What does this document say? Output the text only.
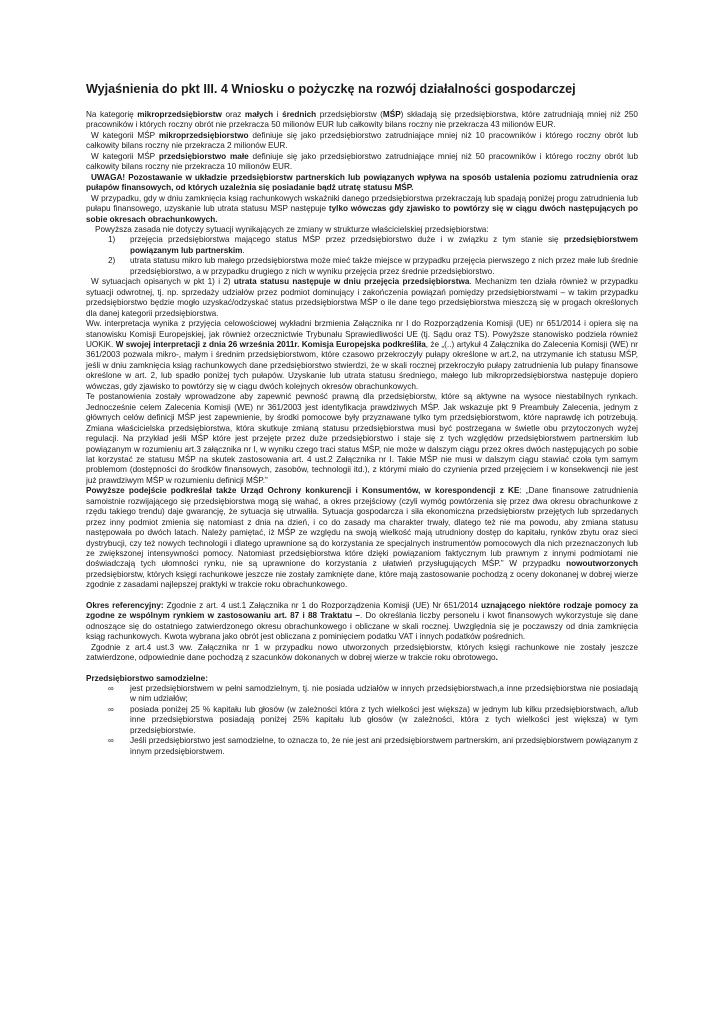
Wyjaśnienia do pkt III. 4 Wniosku o pożyczkę na rozwój działalności gospodarczej

Na kategorię mikroprzedsiębiorstw oraz małych i średnich przedsiębiorstw (MŚP) składają się przedsiębiorstwa, które zatrudniają mniej niż 250 pracowników i których roczny obrót nie przekracza 50 milionów EUR lub całkowity bilans roczny nie przekracza 43 milionów EUR.

W kategorii MŚP mikroprzedsiębiorstwo definiuje się jako przedsiębiorstwo zatrudniające mniej niż 10 pracowników i którego roczny obrót lub całkowity bilans roczny nie przekracza 2 milionów EUR.

W kategorii MŚP przedsiębiorstwo małe definiuje się jako przedsiębiorstwo zatrudniające mniej niż 50 pracowników i którego roczny obrót lub całkowity bilans roczny nie przekracza 10 milionów EUR.

UWAGA! Pozostawanie w układzie przedsiębiorstw partnerskich lub powiązanych wpływa na sposób ustalenia poziomu zatrudnienia oraz pułapów finansowych, od których uzależnia się posiadanie bądź utratę statusu MŚP.

W przypadku, gdy w dniu zamknięcia ksiąg rachunkowych wskaźniki danego przedsiębiorstwa przekraczają lub spadają poniżej progu zatrudnienia lub pułapu finansowego, uzyskanie lub utrata statusu MSP następuje tylko wówczas gdy zjawisko to powtórzy się w ciągu dwóch następujących po sobie okresach obrachunkowych.

Powyższa zasada nie dotyczy sytuacji wynikających ze zmiany w strukturze właścicielskiej przedsiębiorstwa:

1)	przejęcia przedsiębiorstwa mającego status MŚP przez przedsiębiorstwo duże i w związku z tym stanie się przedsiębiorstwem powiązanym lub partnerskim.
2)	utrata statusu mikro lub małego przedsiębiorstwa może mieć także miejsce w przypadku przejęcia pierwszego z nich przez małe lub średnie przedsiębiorstwo, a w przypadku drugiego z nich w wyniku przejęcia przez średnie przedsiębiorstwo.

W sytuacjach opisanych w pkt 1) i 2) utrata statusu następuje w dniu przejęcia przedsiębiorstwa. Mechanizm ten działa również w przypadku sytuacji odwrotnej, tj. np. sprzedaży udziałów przez podmiot dominujący i zakończenia powiązań pomiędzy przedsiębiorstwami – w takim przypadku przedsiębiorstwo będzie mogło uzyskać/odzyskać status przedsiębiorstwa MŚP o ile dane tego przedsiębiorstwa mieszczą się w progach określonych dla danej kategorii przedsiębiorstwa.

Ww. interpretacja wynika z przyjęcia celowościowej wykładni brzmienia Załącznika nr I do Rozporządzenia Komisji (UE) nr 651/2014 i opiera się na stanowisku Komisji Europejskiej, jak również orzecznictwie Trybunału Sprawiedliwości UE (tj. Sądu oraz TS). Powyższe stanowisko podziela również UOKiK. W swojej interpretacji z dnia 26 września 2011r. Komisja Europejska podkreśliła, że „(..) artykuł 4 Załącznika do Zalecenia Komisji (WE) nr 361/2003 pozwala mikro-, małym i średnim przedsiębiorstwom, które czasowo przekroczyły pułapy określone w art.2, na utrzymanie ich statusu MŚP, jeśli w dniu zamknięcia ksiąg rachunkowych dane przedsiębiorstwo stwierdzi, że w skali rocznej przekroczyło pułapy zatrudnienia lub pułapy finansowe określone w art. 2, lub spadło poniżej tych pułapów. Uzyskanie lub utrata statusu średniego, małego lub mikroprzedsiębiorstwa następuje dopiero wówczas, gdy zjawisko to powtórzy się w ciągu dwóch kolejnych okresów obrachunkowych.

Te postanowienia zostały wprowadzone aby zapewnić pewność prawną dla przedsiębiorstw, które są aktywne na wysoce niestabilnych rynkach. Jednocześnie celem Zalecenia Komisji (WE) nr 361/2003 jest identyfikacja prawdziwych MŚP. Jak wskazuje pkt 9 Preambuły Zalecenia, jednym z głównych celów definicji MŚP jest zapewnienie, by środki pomocowe były przyznawane tylko tym przedsiębiorstwom, które naprawdę ich potrzebują. Zmiana właścicielska przedsiębiorstwa, która skutkuje zmianą statusu przedsiębiorstwa musi być postrzegana w świetle obu przytoczonych wyżej regulacji. Na przykład jeśli MŚP które jest przejęte przez duże przedsiębiorstwo i staje się z tych względów przedsiębiorstwem partnerskim lub powiązanym w rozumieniu art.3 załącznika nr I, w wyniku czego traci status MŚP, nie może w dalszym ciągu przez okres dwóch następujących po sobie lat korzystać ze statusu MŚP na skutek zastosowania art. 4 ust.2 Załącznika nr I. Takie MŚP nie musi w dalszym ciągu stawiać czoła tym samym problemom (dostępności do środków finansowych, zasobów, technologii itd.), z którymi miało do czynienia przed przejęciem i w konsekwencji nie jest już prawdziwym MŚP w rozumieniu definicji MŚP.”

Powyższe podejście podkreślał także Urząd Ochrony konkurencji i Konsumentów, w korespondencji z KE: „Dane finansowe zatrudnienia samoistnie rozwijającego się przedsiębiorstwa mogą się wahać, a okres przejściowy (czyli wymóg powtórzenia się przez dwa okresu obrachunkowe z rzędu takiego trendu) daje gwarancję, że sytuacja się utrwaliła. Sytuacja gospodarcza i siła ekonomiczna przedsiębiorstw przejętych lub sprzedanych przez inny podmiot zmienia się natomiast z dnia na dzień, i co do zasady ma charakter trwały, dlatego też nie ma powodu, aby zmiana statusu następowała po dwóch latach. Należy pamiętać, iż MŚP ze względu na swoją wielkość mają utrudniony dostęp do kapitału, rynków zbytu oraz sieci dystrybucji, czy też nowych technologii i dlatego uprawnione są do korzystania ze specjalnych instrumentów pomocowych dla nich przeznaczonych lub ze zwiększonej intensywności pomocy. Natomiast przedsiębiorstwa które dzięki powiązaniom faktycznym lub prawnym z innymi podmiotami nie doświadczają tych ułomności rynku, nie są uprawnione do korzystania z ułatwień przysługujących MŚP.” W przypadku nowoutworzonych przedsiębiorstw, których księgi rachunkowe jeszcze nie zostały zamknięte dane, które mają zastosowanie pochodzą z oceny dokonanej w dobrej wierze zgodnie z zasadami najlepszej praktyki w trakcie roku obrachunkowego.

Okres referencyjny: Zgodnie z art. 4 ust.1 Załącznika nr 1 do Rozporządzenia Komisji (UE) Nr 651/2014 uznającego niektóre rodzaje pomocy za zgodne ze wspólnym rynkiem w zastosowaniu art. 87 i 88 Traktatu –. Do określania liczby personelu i kwot finansowych wykorzystuje się dane odnoszące się do ostatniego zatwierdzonego okresu obrachunkowego i obliczane w skali rocznej. Uwzględnia się je poczawszy od dnia zamknięcia ksiąg rachunkowych. Kwota wybrana jako obrót jest obliczana z pominięciem podatku VAT i innych podatków pośrednich.

Zgodnie z art.4 ust.3 ww. Załącznika nr 1 w przypadku nowo utworzonych przedsiębiorstw, których księgi rachunkowe nie zostały jeszcze zatwierdzone, odpowiednie dane pochodzą z szacunków dokonanych w dobrej wierze w trakcie roku obrotowego.

Przedsiębiorstwo samodzielne:

∞	jest przedsiębiorstwem w pełni samodzielnym, tj. nie posiada udziałów w innych przedsiębiorstwach,a inne przedsiębiorstwa nie posiadają w nim udziałów;
∞	posiada poniżej 25 % kapitału lub głosów (w zależności która z tych wielkości jest większa) w jednym lub kilku przedsiębiorstwach, a/lub inne przedsiębiorstwa posiadają poniżej 25% kapitału lub głosów (w zależności, która z tych wielkości jest większa) w tym przedsiębiorstwie.
∞	Jeśli przedsiębiorstwo jest samodzielne, to oznacza to, że nie jest ani przedsiębiorstwem partnerskim, ani przedsiębiorstwem powiązanym z innym przedsiębiorstwem.
